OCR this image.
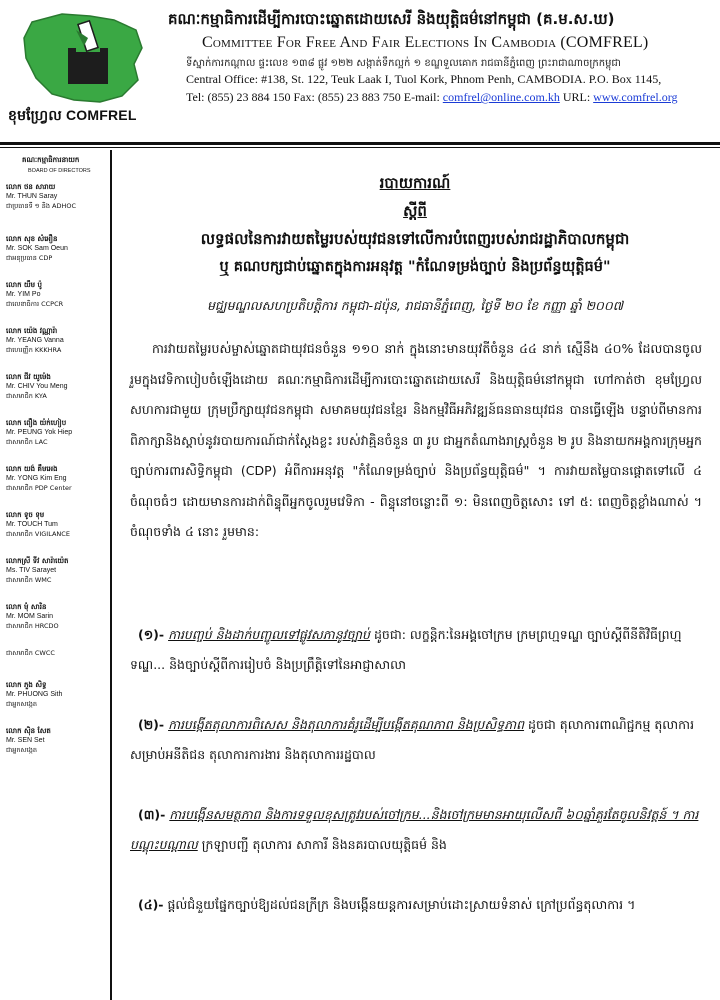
ខុមហ្វ្រែល COMFREL
គណៈកម្មាធិការដើម្បីការបោះឆ្នោតដោយសេរី និងយុត្តិធម៌នៅកម្ពុជា (គ.ម.ស.ឃ)
Committee For Free And Fair Elections In Cambodia (COMFREL)
ទីស្នាក់ការកណ្តាល ផ្ទះលេខ ១៣៨ ផ្លូវ ១២២ សង្កាត់ទឹកល្អក់ ១ ខណ្ឌទួលគោក រាជធានីភ្នំពេញ ព្រះរាជាណាចក្រកម្ពុជា
Central Office: #138, St. 122, Teuk Laak I, Tuol Kork, Phnom Penh, CAMBODIA. P.O. Box 1145,
Tel: (855) 23 884 150 Fax: (855) 23 883 750 E-mail: comfrel@online.com.kh URL: www.comfrel.org
គណៈកម្មាធិការនាយក
BOARD OF DIRECTORS
លោក ថន សារាយ
Mr. THUN Saray
ជាប្រធានទី ១ និង ADHOC
លោក សុខ សំអឿន
Mr. SOK Sam Oeun
ជាអនុប្រធាន CDP
លោក យឹម ប៉ូ
Mr. YIM Po
ជាលេខាធិការ CCPCR
លោក យ៉េង វណ្ណារ៉ា
Mr. YEANG Vanna
ជាហេរញ្ញិក KKKHRA
លោក ជីវ យូម៉េង
Mr. CHIV You Meng
ជាសមាជិក KYA
លោក ពឿង យ៉ក់ហៀប
Mr. PEUNG Yok Hiep
ជាសមាជិក LAC
លោក យង់ គឹមអេង
Mr. YONG Kim Eng
ជាសមាជិក PDP Center
លោក ទូច ទុម
Mr. TOUCH Tum
ជាសមាជិក VIGILANCE
លោកស្រី ទីវ សារ៉ាយ៉េត
Ms. TIV Sarayet
ជាសមាជិក WMC
លោក មុំ សារិន
Mr. MOM Sarin
ជាសមាជិក HRCDO
ជាសមាជិក CWCC
លោក ភួង សិទ្ធ
Mr. PHUONG Sith
ជាអ្នកសង្កេត
លោក ស៊ិន សែត
Mr. SEN Set
ជាអ្នកសង្កេត
របាយការណ៍
ស្តីពី
លទ្ធផលនៃការវាយតម្លៃរបស់យុវជនទៅលើការបំពេញរបស់រាជរដ្ឋាភិបាលកម្ពុជា
ឬ គណបក្សជាប់ឆ្នោតក្នុងការអនុវត្ត "កំណែទម្រង់ច្បាប់ និងប្រព័ន្ធយុត្តិធម៌"
មជ្ឈមណ្ឌលសហប្រតិបត្តិការ កម្ពុជា-ជប៉ុន, រាជធានីភ្នំពេញ, ថ្ងៃទី ២០ ខែ កញ្ញា ឆ្នាំ ២០០៧
ការវាយតម្លៃរបស់ម្ចាស់ឆ្នោតជាយុវជនចំនួន ១១០ នាក់ ក្នុងនោះមានយុវតីចំនួន ៤៤ នាក់ ស្មើនឹង ៤០% ដែលបានចូលរួមក្នុងវេទិកាបៀបចំឡើងដោយ គណៈកម្មាធិការដើម្បីការបោះឆ្នោតដោយសេរី និងយុត្តិធម៌នៅកម្ពុជា ហៅកាត់ថា ខុមហ្វ្រែល សហការជាមួយ ក្រុមប្រឹក្សាយុវជនកម្ពុជា សមាគមយុវជនខ្មែរ និងកម្មវិធីអភិវឌ្ឍន៍ធនធានយុវជន បានធ្វើឡើង បន្ទាប់ពីមានការពិភាក្សានិងស្តាប់នូវរបាយការណ៍ជាក់ស្តែងខ្លះ របស់វាគ្មិនចំនួន ៣ រូប ជាអ្នកតំណាងរាស្ត្រចំនួន ២ រូប និងនាយកអង្គការក្រុមអ្នកច្បាប់ការពារសិទ្ធិកម្ពុជា (CDP) អំពីការអនុវត្ត "កំណែទម្រង់ច្បាប់ និងប្រព័ន្ធយុត្តិធម៌" ។ ការវាយតម្លៃបានផ្តោតទៅលើ ៤ ចំណុចធំៗ ដោយមានការដាក់ពិន្ទុពីអ្នកចូលរួមវេទិកា - ពិន្ទុនៅចន្លោះពី ១: មិនពេញចិត្តសោះ ទៅ ៥: ពេញចិត្តខ្លាំងណាស់ ។ ចំណុចទាំង ៤ នោះ រួមមាន:
(១)- ការបញ្ចប់ និងដាក់បញ្ចូលទៅផ្លូវសភានូវច្បាប់ ដូចជា: លក្ខន្តិកៈនៃអង្គចៅក្រម ក្រមព្រហ្មទណ្ឌ ច្បាប់ស្តីពីនីតិវិធីព្រហ្មទណ្ឌ... និងច្បាប់ស្តីពីការរៀបចំ និងប្រព្រឹត្តិទៅនៃអាជ្ញាសាលា
(២)- ការបង្កើតតុលាការពិសេស និងតុលាការគំរូដើម្បីបង្កើតគុណភាព និងប្រសិទ្ធភាព ដូចជា តុលាការពាណិជ្ជកម្ម តុលាការសម្រាប់អនីតិជន តុលាការការងារ និងតុលាការរដ្ឋបាល
(៣)- ការបង្កើនសមត្ថភាព និងការទទួលខុសត្រូវរបស់ចៅក្រម...និងចៅក្រមមានអាយុលើសពី ៦០ឆ្នាំគួរតែចូលនិវត្តន៍ ។ ការបណ្តុះបណ្តាល ក្រឡាបញ្ជី តុលាការ សាការី និងនគរបាលយុត្តិធម៌ និង
(៤)- ផ្តល់ជំនួយផ្នែកច្បាប់ឱ្យដល់ជនក្រីក្រ និងបង្កើនយន្តការសម្រាប់ដោះស្រាយទំនាស់ ក្រៅប្រព័ន្ធតុលាការ ។
